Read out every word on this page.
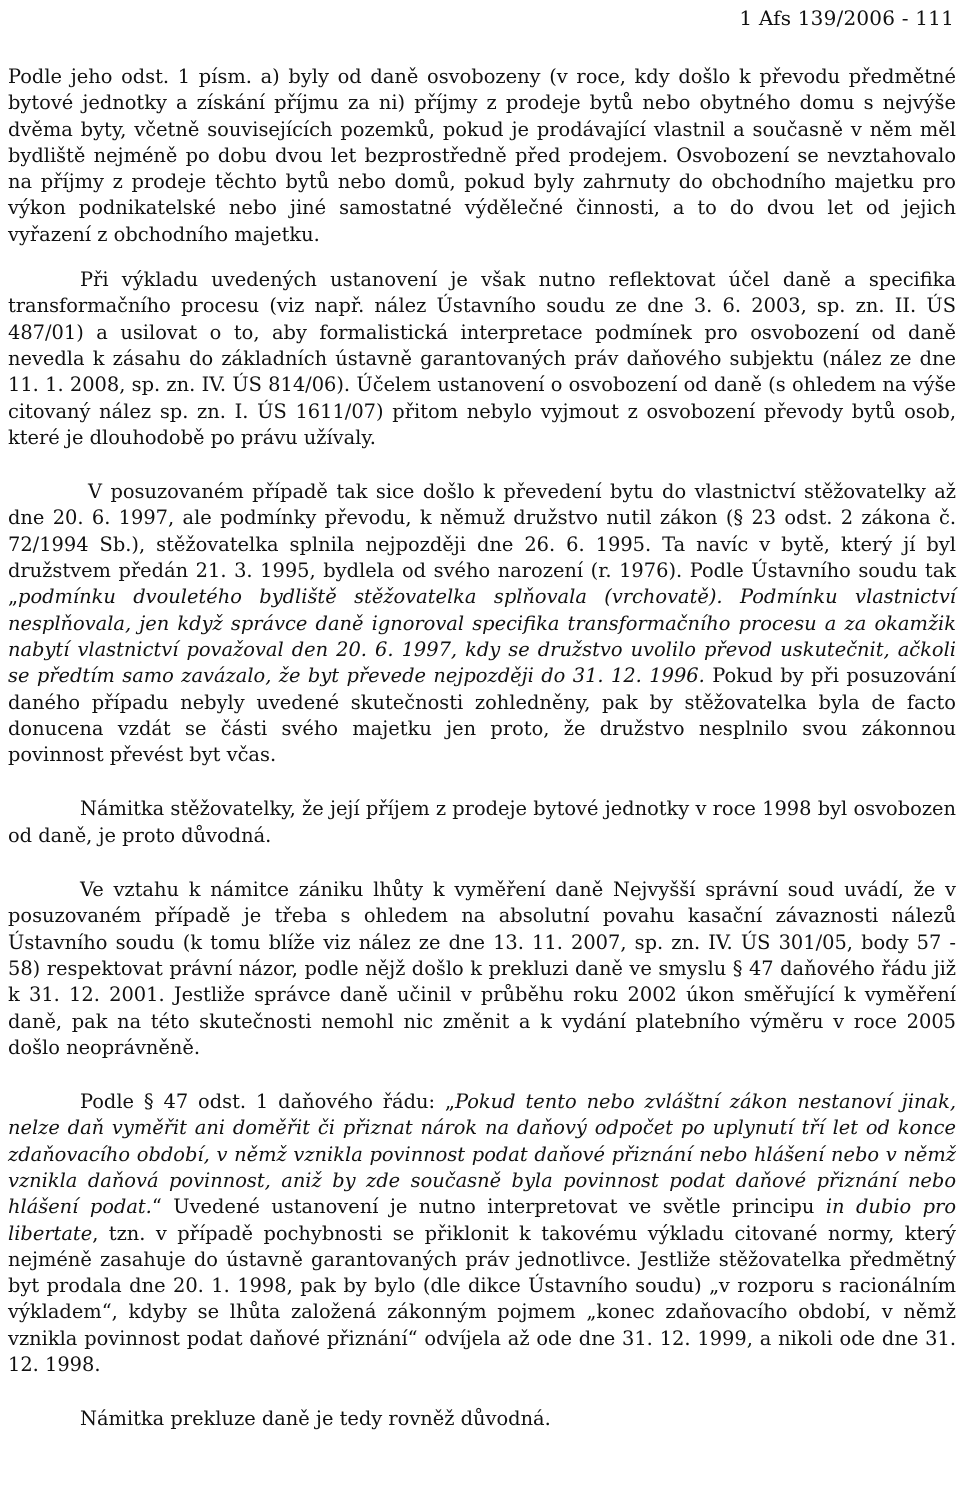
1 Afs 139/2006 - 111

Podle jeho odst. 1 písm. a) byly od daně osvobozeny (v roce, kdy došlo k převodu předmětné bytové jednotky a získání příjmu za ni) příjmy z prodeje bytů nebo obytného domu s nejvýše dvěma byty, včetně souvisejících pozemků, pokud je prodávající vlastnil a současně v něm měl bydliště nejméně po dobu dvou let bezprostředně před prodejem. Osvobození se nevztahovalo na příjmy z prodeje těchto bytů nebo domů, pokud byly zahrnuty do obchodního majetku pro výkon podnikatelské nebo jiné samostatné výdělečné činnosti, a to do dvou let od jejich vyřazení z obchodního majetku.

Při výkladu uvedených ustanovení je však nutno reflektovat účel daně a specifika transformačního procesu (viz např. nález Ústavního soudu ze dne 3. 6. 2003, sp. zn. II. ÚS 487/01) a usilovat o to, aby formalistická interpretace podmínek pro osvobození od daně nevedla k zásahu do základních ústavně garantovaných práv daňového subjektu (nález ze dne 11. 1. 2008, sp. zn. IV. ÚS 814/06). Účelem ustanovení o osvobození od daně (s ohledem na výše citovaný nález sp. zn. I. ÚS 1611/07) přitom nebylo vyjmout z osvobození převody bytů osob, které je dlouhodobě po právu užívaly.

V posuzovaném případě tak sice došlo k převedení bytu do vlastnictví stěžovatelky až dne 20. 6. 1997, ale podmínky převodu, k němuž družstvo nutil zákon (§ 23 odst. 2 zákona č. 72/1994 Sb.), stěžovatelka splnila nejpozději dne 26. 6. 1995. Ta navíc v bytě, který jí byl družstvem předán 21. 3. 1995, bydlela od svého narození (r. 1976). Podle Ústavního soudu tak „podmínku dvouletého bydliště stěžovatelka splňovala (vrchovatě). Podmínku vlastnictví nesplňovala, jen když správce daně ignoroval specifika transformačního procesu a za okamžik nabytí vlastnictví považoval den 20. 6. 1997, kdy se družstvo uvolilo převod uskutečnit, ačkoli se předtím samo zavázalo, že byt převede nejpozději do 31. 12. 1996. Pokud by při posuzování daného případu nebyly uvedené skutečnosti zohledněny, pak by stěžovatelka byla de facto donucena vzdát se části svého majetku jen proto, že družstvo nesplnilo svou zákonnou povinnost převést byt včas.

Námitka stěžovatelky, že její příjem z prodeje bytové jednotky v roce 1998 byl osvobozen od daně, je proto důvodná.

Ve vztahu k námitce zániku lhůty k vyměření daně Nejvyšší správní soud uvádí, že v posuzovaném případě je třeba s ohledem na absolutní povahu kasační závaznosti nálezů Ústavního soudu (k tomu blíže viz nález ze dne 13. 11. 2007, sp. zn. IV. ÚS 301/05, body 57 - 58) respektovat právní názor, podle nějž došlo k prekluzi daně ve smyslu § 47 daňového řádu již k 31. 12. 2001. Jestliže správce daně učinil v průběhu roku 2002 úkon směřující k vyměření daně, pak na této skutečnosti nemohl nic změnit a k vydání platebního výměru v roce 2005 došlo neoprávněně.

Podle § 47 odst. 1 daňového řádu: „Pokud tento nebo zvláštní zákon nestanoví jinak, nelze daň vyměřit ani doměřit či přiznat nárok na daňový odpočet po uplynutí tří let od konce zdaňovacího období, v němž vznikla povinnost podat daňové přiznání nebo hlášení nebo v němž vznikla daňová povinnost, aniž by zde současně byla povinnost podat daňové přiznání nebo hlášení podat.“ Uvedené ustanovení je nutno interpretovat ve světle principu in dubio pro libertate, tzn. v případě pochybnosti se přiklonit k takovému výkladu citované normy, který nejméně zasahuje do ústavně garantovaných práv jednotlivce. Jestliže stěžovatelka předmětný byt prodala dne 20. 1. 1998, pak by bylo (dle dikce Ústavního soudu) „v rozporu s racionálním výkladem“, kdyby se lhůta založená zákonným pojmem „konec zdaňovacího období, v němž vznikla povinnost podat daňové přiznání“ odvíjela až ode dne 31. 12. 1999, a nikoli ode dne 31. 12. 1998.

Námitka prekluze daně je tedy rovněž důvodná.
